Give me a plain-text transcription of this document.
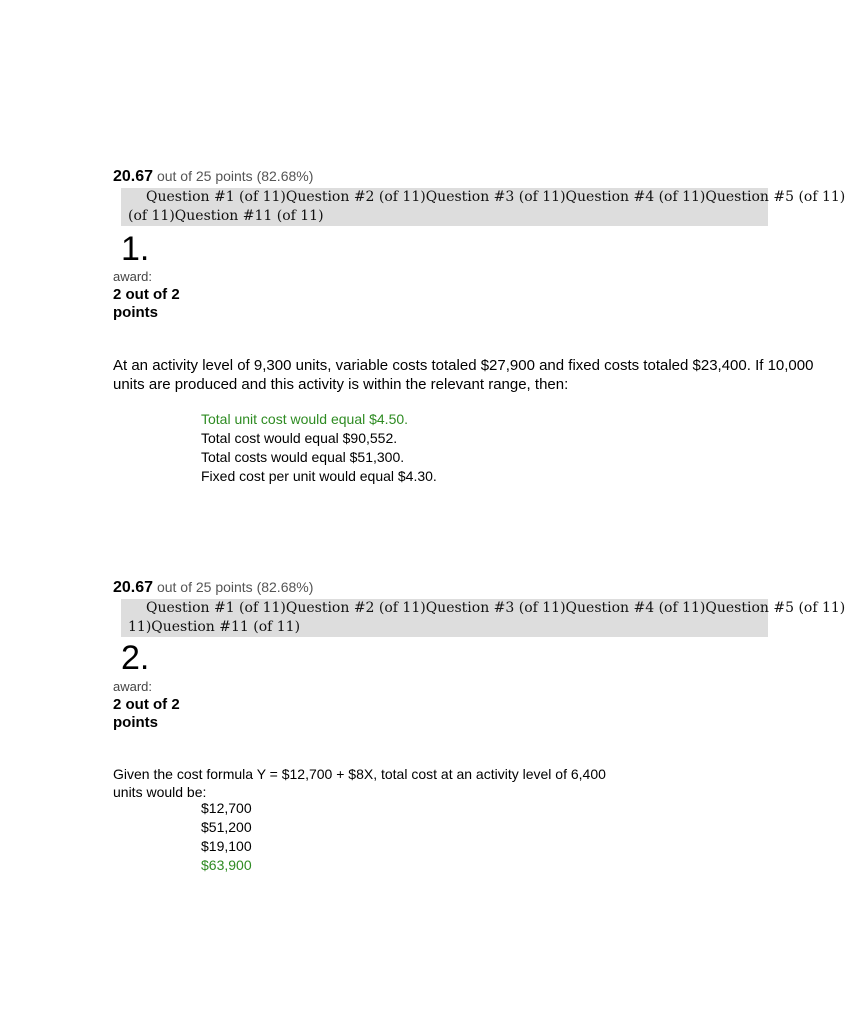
20.67 out of 25 points (82.68%)
Question #1 (of 11)Question #2 (of 11)Question #3 (of 11)Question #4 (of 11)Question #5 (of 11)
(of 11)Question #11 (of 11)
1.
award:
2 out of 2 points
At an activity level of 9,300 units, variable costs totaled $27,900 and fixed costs totaled $23,400. If 10,000
units are produced and this activity is within the relevant range, then:
Total unit cost would equal $4.50.
Total cost would equal $90,552.
Total costs would equal $51,300.
Fixed cost per unit would equal $4.30.
20.67 out of 25 points (82.68%)
Question #1 (of 11)Question #2 (of 11)Question #3 (of 11)Question #4 (of 11)Question #5 (of 11)
11)Question #11 (of 11)
2.
award:
2 out of 2 points
Given the cost formula Y = $12,700 + $8X, total cost at an activity level of 6,400
units would be:
$12,700
$51,200
$19,100
$63,900
